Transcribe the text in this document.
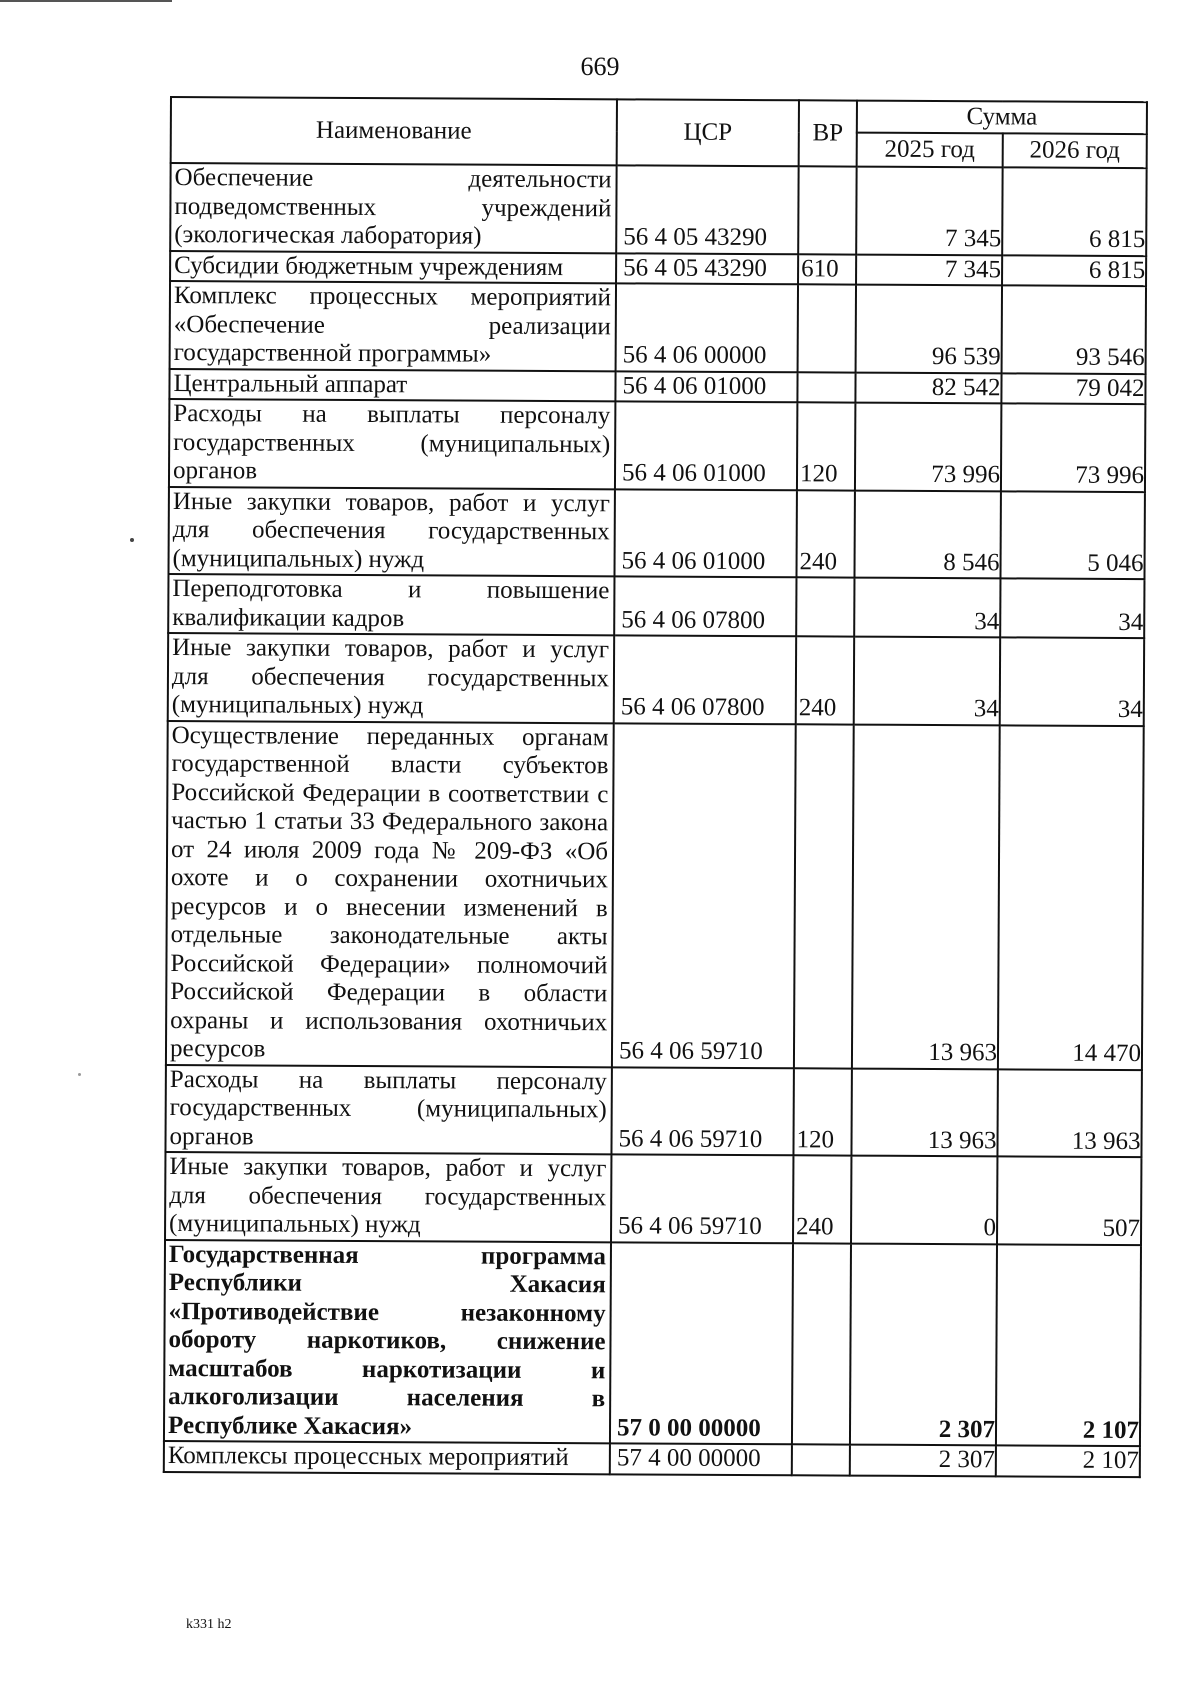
669
Наименование	ЦСР	ВР	Сумма	
			2025 год	2026 год
Обеспечение деятельности подведомственных учреждений (экологическая лаборатория)	56 4 05 43290		7 345	6 815
Субсидии бюджетным учреждениям	56 4 05 43290	610	7 345	6 815
Комплекс процессных мероприятий «Обеспечение реализации государственной программы»	56 4 06 00000		96 539	93 546
Центральный аппарат	56 4 06 01000		82 542	79 042
Расходы на выплаты персоналу государственных (муниципальных) органов	56 4 06 01000	120	73 996	73 996
Иные закупки товаров, работ и услуг для обеспечения государственных (муниципальных) нужд	56 4 06 01000	240	8 546	5 046
Переподготовка и повышение квалификации кадров	56 4 06 07800		34	34
Иные закупки товаров, работ и услуг для обеспечения государственных (муниципальных) нужд	56 4 06 07800	240	34	34
Осуществление переданных органам государственной власти субъектов Российской Федерации в соответствии с частью 1 статьи 33 Федерального закона от 24 июля 2009 года № 209-ФЗ «Об охоте и о сохранении охотничьих ресурсов и о внесении изменений в отдельные законодательные акты Российской Федерации» полномочий Российской Федерации в области охраны и использования охотничьих ресурсов	56 4 06 59710		13 963	14 470
Расходы на выплаты персоналу государственных (муниципальных) органов	56 4 06 59710	120	13 963	13 963
Иные закупки товаров, работ и услуг для обеспечения государственных (муниципальных) нужд	56 4 06 59710	240	0	507
Государственная программа Республики Хакасия «Противодействие незаконному обороту наркотиков, снижение масштабов наркотизации и алкоголизации населения в Республике Хакасия»	57 0 00 00000		2 307	2 107
Комплексы процессных мероприятий	57 4 00 00000		2 307	2 107
k331 h2
